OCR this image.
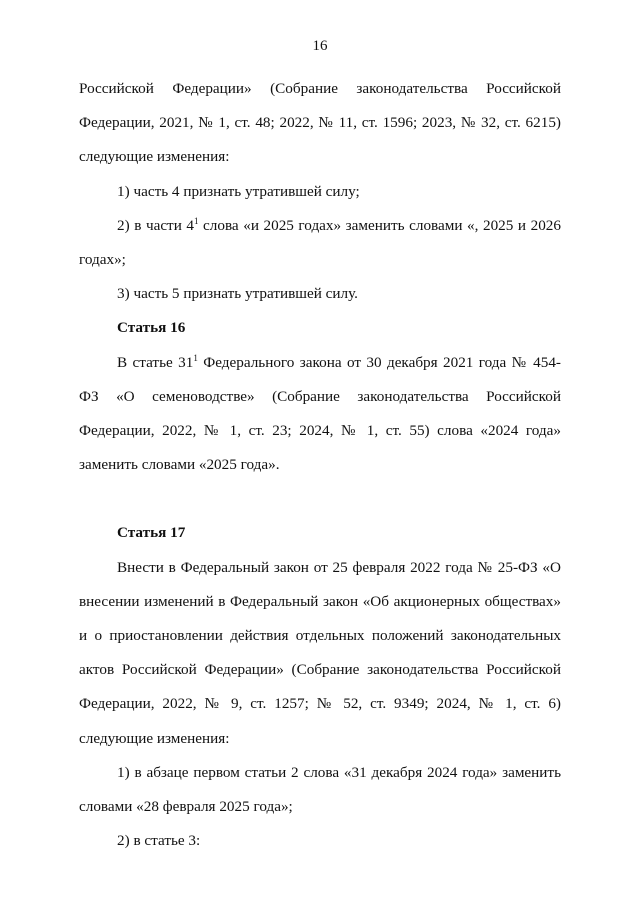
16

Российской Федерации» (Собрание законодательства Российской Федерации, 2021, № 1, ст. 48; 2022, № 11, ст. 1596; 2023, № 32, ст. 6215) следующие изменения:

1) часть 4 признать утратившей силу;

2) в части $4^1$ слова «и 2025 годах» заменить словами «, 2025 и 2026 годах»;

3) часть 5 признать утратившей силу.

Статья 16

В статье $31^1$ Федерального закона от 30 декабря 2021 года № 454-ФЗ «О семеноводстве» (Собрание законодательства Российской Федерации, 2022, № 1, ст. 23; 2024, № 1, ст. 55) слова «2024 года» заменить словами «2025 года».

Статья 17

Внести в Федеральный закон от 25 февраля 2022 года № 25-ФЗ «О внесении изменений в Федеральный закон «Об акционерных обществах» и о приостановлении действия отдельных положений законодательных актов Российской Федерации» (Собрание законодательства Российской Федерации, 2022, № 9, ст. 1257; № 52, ст. 9349; 2024, № 1, ст. 6) следующие изменения:

1) в абзаце первом статьи 2 слова «31 декабря 2024 года» заменить словами «28 февраля 2025 года»;

2) в статье 3:
